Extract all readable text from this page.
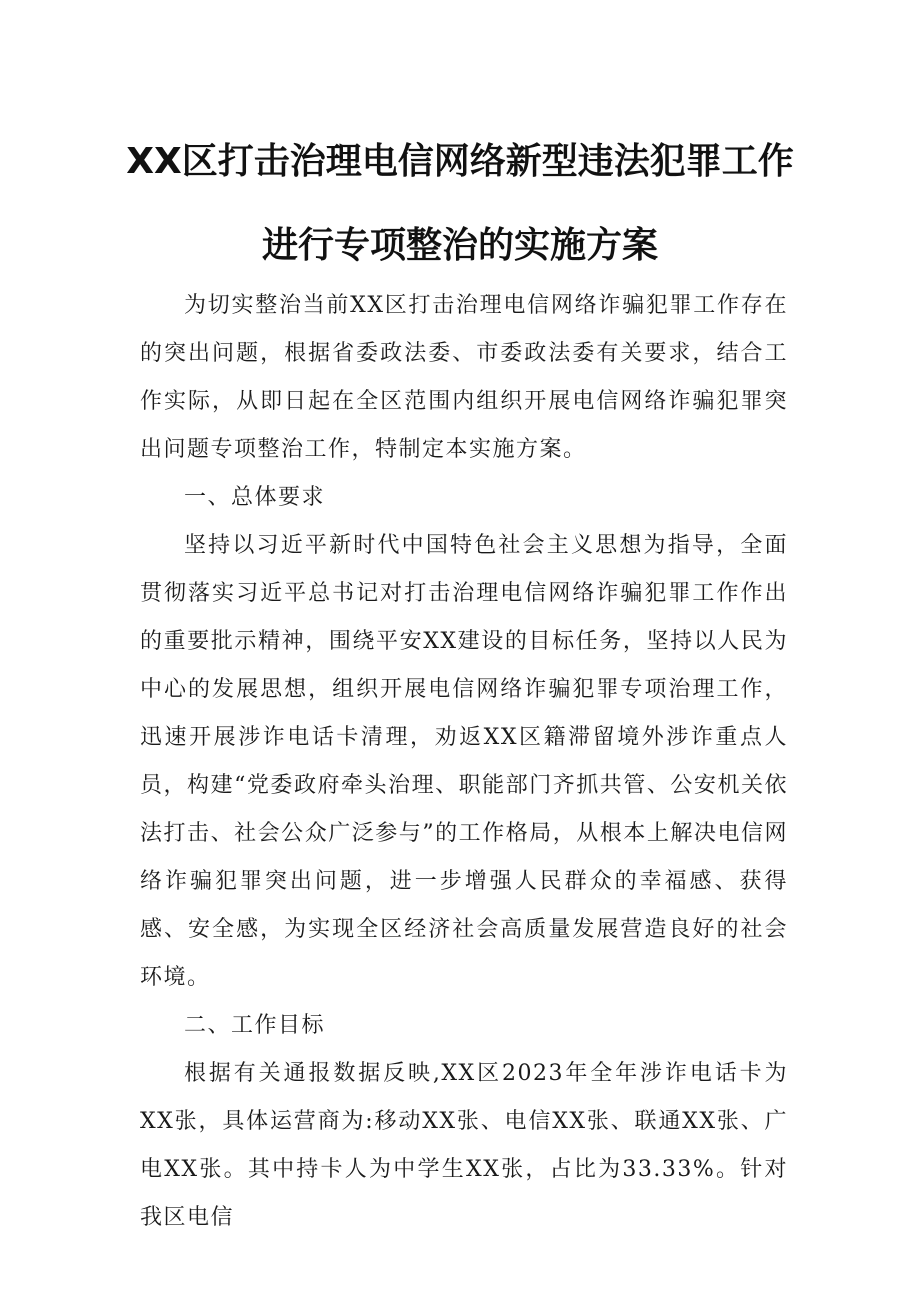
XX区打击治理电信网络新型违法犯罪工作
进行专项整治的实施方案

为切实整治当前XX区打击治理电信网络诈骗犯罪工作存在的突出问题，根据省委政法委、市委政法委有关要求，结合工作实际，从即日起在全区范围内组织开展电信网络诈骗犯罪突出问题专项整治工作，特制定本实施方案。

一、总体要求

坚持以习近平新时代中国特色社会主义思想为指导，全面贯彻落实习近平总书记对打击治理电信网络诈骗犯罪工作作出的重要批示精神，围绕平安XX建设的目标任务，坚持以人民为中心的发展思想，组织开展电信网络诈骗犯罪专项治理工作，迅速开展涉诈电话卡清理，劝返XX区籍滞留境外涉诈重点人员，构建“党委政府牵头治理、职能部门齐抓共管、公安机关依法打击、社会公众广泛参与”的工作格局，从根本上解决电信网络诈骗犯罪突出问题，进一步增强人民群众的幸福感、获得感、安全感，为实现全区经济社会高质量发展营造良好的社会环境。

二、工作目标

根据有关通报数据反映,XX区2023年全年涉诈电话卡为XX张，具体运营商为:移动XX张、电信XX张、联通XX张、广电XX张。其中持卡人为中学生XX张，占比为33.33%。针对我区电信
